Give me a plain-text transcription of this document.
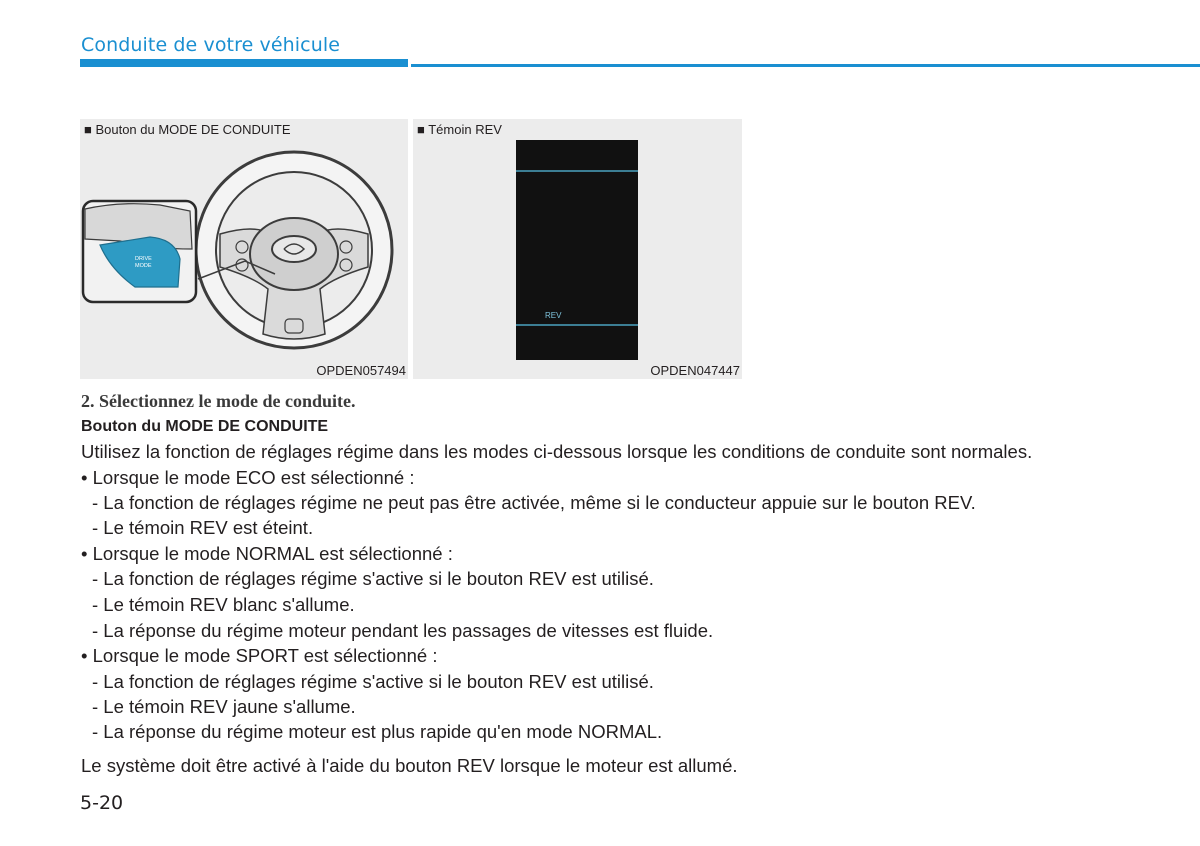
Conduite de votre véhicule
DRIVE
MODE
■ Bouton du MODE DE CONDUITE
OPDEN057494
REV
■ Témoin REV
OPDEN047447
2. Sélectionnez le mode de conduite.
Bouton du MODE DE CONDUITE
Utilisez la fonction de réglages régime dans les modes ci-dessous lorsque les conditions de conduite sont normales.
• Lorsque le mode ECO est sélectionné :
- La fonction de réglages régime ne peut pas être activée, même si le conducteur appuie sur le bouton REV.
- Le témoin REV est éteint.
• Lorsque le mode NORMAL est sélectionné :
- La fonction de réglages régime s'active si le bouton REV est utilisé.
- Le témoin REV blanc s'allume.
- La réponse du régime moteur pendant les passages de vitesses est fluide.
• Lorsque le mode SPORT est sélectionné :
- La fonction de réglages régime s'active si le bouton REV est utilisé.
- Le témoin REV jaune s'allume.
- La réponse du régime moteur est plus rapide qu'en mode NORMAL.
Le système doit être activé à l'aide du bouton REV lorsque le moteur est allumé.
5-20
